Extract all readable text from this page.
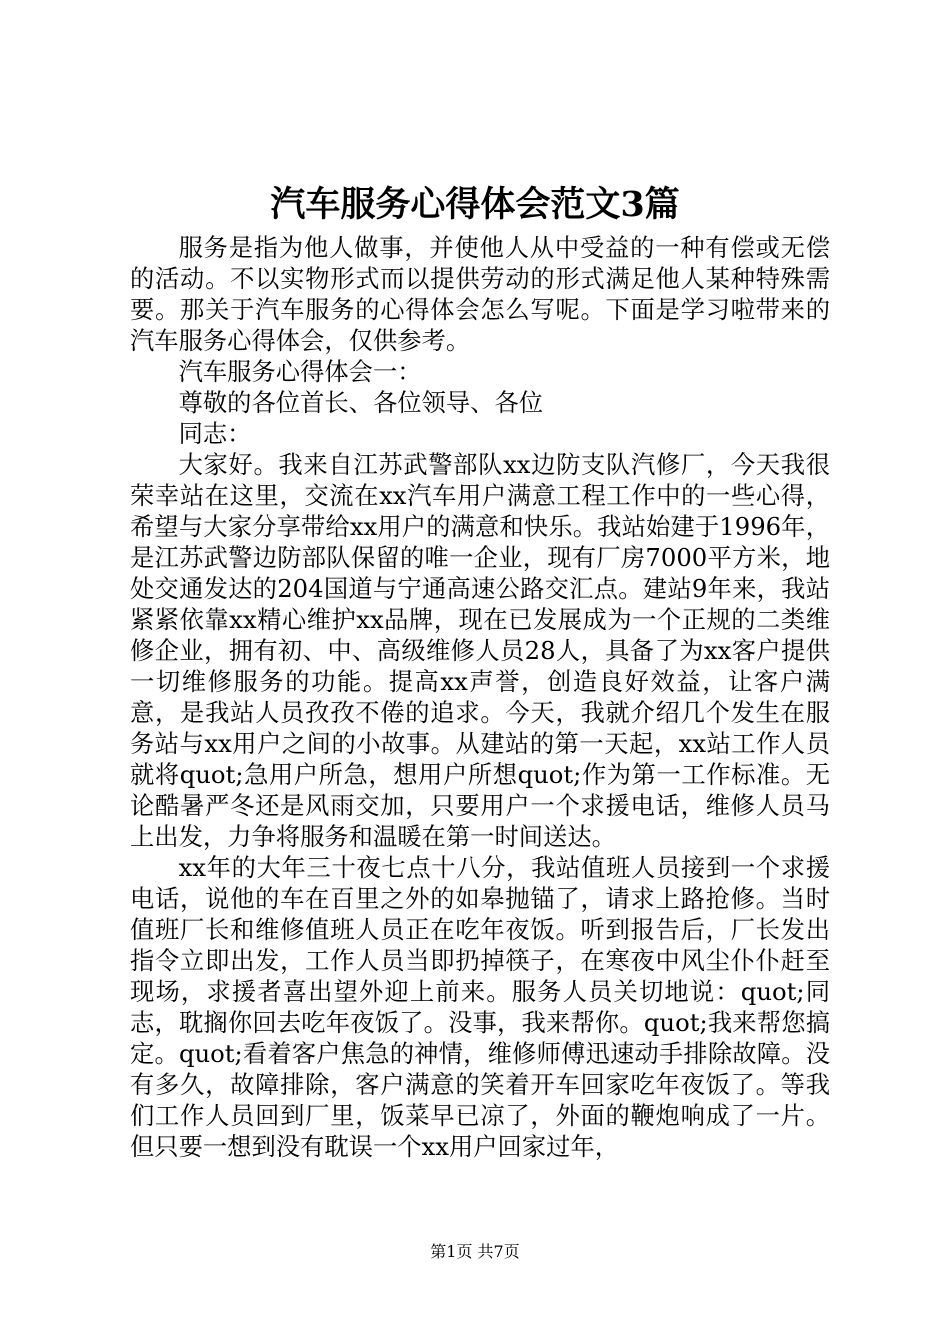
汽车服务心得体会范文3篇

服务是指为他人做事，并使他人从中受益的一种有偿或无偿的活动。不以实物形式而以提供劳动的形式满足他人某种特殊需要。那关于汽车服务的心得体会怎么写呢。下面是学习啦带来的汽车服务心得体会，仅供参考。

汽车服务心得体会一：

尊敬的各位首长、各位领导、各位

同志：

大家好。我来自江苏武警部队xx边防支队汽修厂，今天我很荣幸站在这里，交流在xx汽车用户满意工程工作中的一些心得，希望与大家分享带给xx用户的满意和快乐。我站始建于1996年，是江苏武警边防部队保留的唯一企业，现有厂房7000平方米，地处交通发达的204国道与宁通高速公路交汇点。建站9年来，我站紧紧依靠xx精心维护xx品牌，现在已发展成为一个正规的二类维修企业，拥有初、中、高级维修人员28人，具备了为xx客户提供一切维修服务的功能。提高xx声誉，创造良好效益，让客户满意，是我站人员孜孜不倦的追求。今天，我就介绍几个发生在服务站与xx用户之间的小故事。从建站的第一天起，xx站工作人员就将quot;急用户所急，想用户所想quot;作为第一工作标准。无论酷暑严冬还是风雨交加，只要用户一个求援电话，维修人员马上出发，力争将服务和温暖在第一时间送达。

xx年的大年三十夜七点十八分，我站值班人员接到一个求援电话，说他的车在百里之外的如皋抛锚了，请求上路抢修。当时值班厂长和维修值班人员正在吃年夜饭。听到报告后，厂长发出指令立即出发，工作人员当即扔掉筷子，在寒夜中风尘仆仆赶至现场，求援者喜出望外迎上前来。服务人员关切地说：quot;同志，耽搁你回去吃年夜饭了。没事，我来帮你。quot;我来帮您搞定。quot;看着客户焦急的神情，维修师傅迅速动手排除故障。没有多久，故障排除，客户满意的笑着开车回家吃年夜饭了。等我们工作人员回到厂里，饭菜早已凉了，外面的鞭炮响成了一片。但只要一想到没有耽误一个xx用户回家过年，

第1页 共7页
